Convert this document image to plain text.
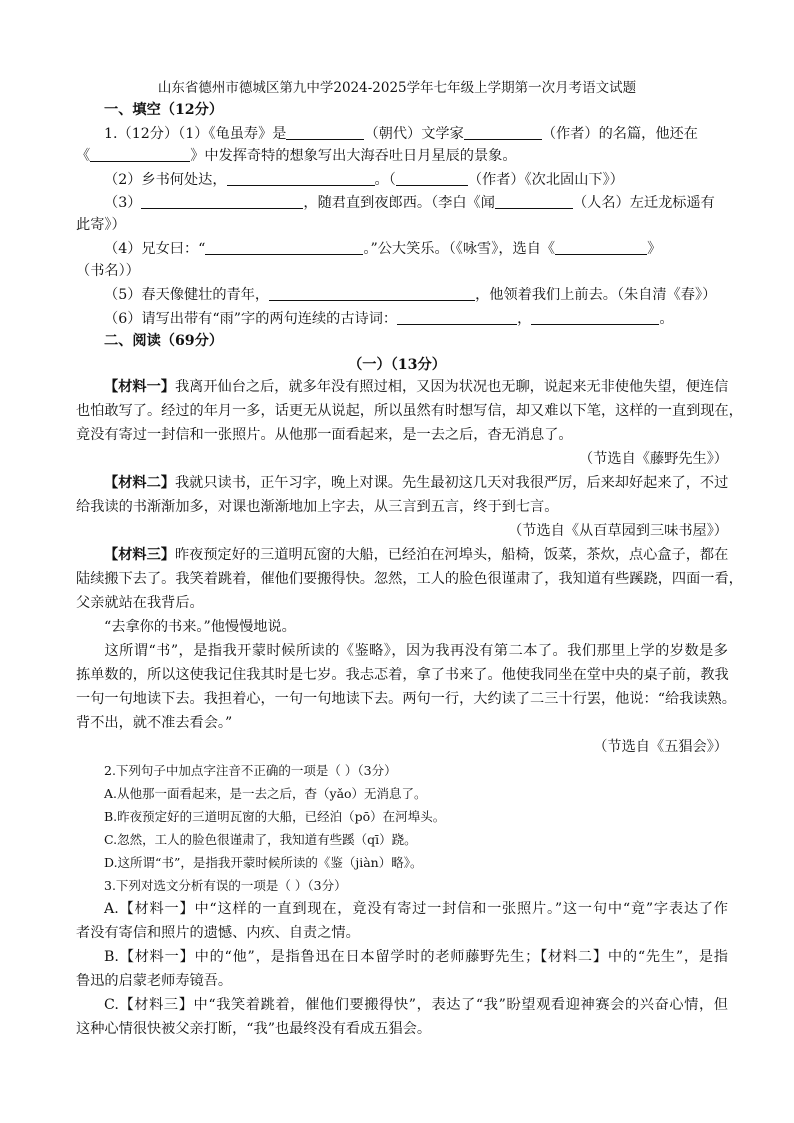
山东省德州市德城区第九中学2024-2025学年七年级上学期第一次月考语文试题
一、填空（12分）
1.（12分）（1）《龟虽寿》是	（朝代）文学家	（作者）的名篇，他还在
《	》中发挥奇特的想象写出大海吞吐日月星辰的景象。
（2）乡书何处达，	。（	（作者）《次北固山下》）
（3）	，随君直到夜郎西。（李白《闻	（人名）左迁龙标遥有
此寄》）
（4）兄女曰：“	。”公大笑乐。（《咏雪》，选自《	》
（书名））
（5）春天像健壮的青年，	，他领着我们上前去。（朱自清《春》）
（6）请写出带有“雨”字的两句连续的古诗词：	，	。
二、阅读（69分）
（一）（13分）
【材料一】我离开仙台之后，就多年没有照过相，又因为状况也无聊，说起来无非使他失望，便连信
也怕敢写了。经过的年月一多，话更无从说起，所以虽然有时想写信，却又难以下笔，这样的一直到现在，
竟没有寄过一封信和一张照片。从他那一面看起来，是一去之后，杳无消息了。
（节选自《藤野先生》）
【材料二】我就只读书，正午习字，晚上对课。先生最初这几天对我很严厉，后来却好起来了，不过
给我读的书渐渐加多，对课也渐渐地加上字去，从三言到五言，终于到七言。
（节选自《从百草园到三味书屋》）
【材料三】昨夜预定好的三道明瓦窗的大船，已经泊在河埠头，船椅，饭菜，茶炊，点心盒子，都在
陆续搬下去了。我笑着跳着，催他们要搬得快。忽然，工人的脸色很谨肃了，我知道有些蹊跷，四面一看，
父亲就站在我背后。
“去拿你的书来。”他慢慢地说。
这所谓“书”，是指我开蒙时候所读的《鉴略》，因为我再没有第二本了。我们那里上学的岁数是多
拣单数的，所以这使我记住我其时是七岁。我忐忑着，拿了书来了。他使我同坐在堂中央的桌子前，教我
一句一句地读下去。我担着心，一句一句地读下去。两句一行，大约读了二三十行罢，他说：“给我读熟。
背不出，就不准去看会。”
（节选自《五猖会》）
2.下列句子中加点字注音不正确的一项是（ ）（3分）
A.从他那一面看起来，是一去之后，杳（yǎo）无消息了。
B.昨夜预定好的三道明瓦窗的大船，已经泊（pō）在河埠头。
C.忽然，工人的脸色很谨肃了，我知道有些蹊（qī）跷。
D.这所谓“书”，是指我开蒙时候所读的《鉴（jiàn）略》。
3.下列对选文分析有误的一项是（ ）（3分）
A.【材料一】中“这样的一直到现在，竟没有寄过一封信和一张照片。”这一句中“竟”字表达了作
者没有寄信和照片的遗憾、内疚、自责之情。
B.【材料一】中的“他”，是指鲁迅在日本留学时的老师藤野先生；【材料二】中的“先生”，是指
鲁迅的启蒙老师寿镜吾。
C.【材料三】中“我笑着跳着，催他们要搬得快”，表达了“我”盼望观看迎神赛会的兴奋心情，但
这种心情很快被父亲打断，“我”也最终没有看成五猖会。
